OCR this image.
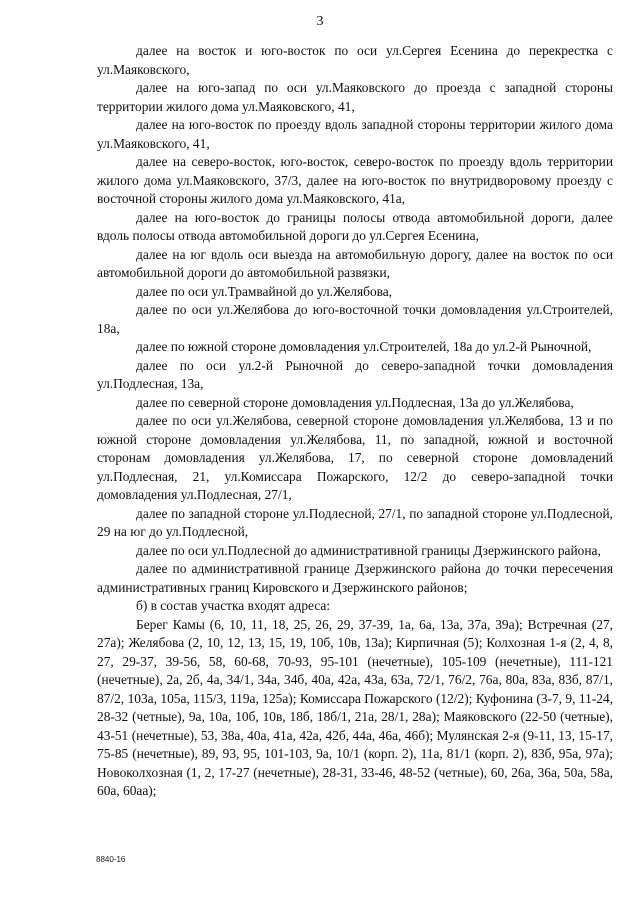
3

далее на восток и юго-восток по оси ул.Сергея Есенина до перекрестка с ул.Маяковского,

далее на юго-запад по оси ул.Маяковского до проезда с западной стороны территории жилого дома ул.Маяковского, 41,

далее на юго-восток по проезду вдоль западной стороны территории жилого дома ул.Маяковского, 41,

далее на северо-восток, юго-восток, северо-восток по проезду вдоль территории жилого дома ул.Маяковского, 37/3, далее на юго-восток по внутридворовому проезду с восточной стороны жилого дома ул.Маяковского, 41а,

далее на юго-восток до границы полосы отвода автомобильной дороги, далее вдоль полосы отвода автомобильной дороги до ул.Сергея Есенина,

далее на юг вдоль оси выезда на автомобильную дорогу, далее на восток по оси автомобильной дороги до автомобильной развязки,

далее по оси ул.Трамвайной до ул.Желябова,

далее по оси ул.Желябова до юго-восточной точки домовладения ул.Строителей, 18а,

далее по южной стороне домовладения ул.Строителей, 18а до ул.2-й Рыночной,

далее по оси ул.2-й Рыночной до северо-западной точки домовладения ул.Подлесная, 13а,

далее по северной стороне домовладения ул.Подлесная, 13а до ул.Желябова,

далее по оси ул.Желябова, северной стороне домовладения ул.Желябова, 13 и по южной стороне домовладения ул.Желябова, 11, по западной, южной и восточной сторонам домовладения ул.Желябова, 17, по северной стороне домовладений ул.Подлесная, 21, ул.Комиссара Пожарского, 12/2 до северо-западной точки домовладения ул.Подлесная, 27/1,

далее по западной стороне ул.Подлесной, 27/1, по западной стороне ул.Подлесной, 29 на юг до ул.Подлесной,

далее по оси ул.Подлесной до административной границы Дзержинского района,

далее по административной границе Дзержинского района до точки пересечения административных границ Кировского и Дзержинского районов;

б) в состав участка входят адреса:

Берег Камы (6, 10, 11, 18, 25, 26, 29, 37-39, 1а, 6а, 13а, 37а, 39а); Встречная (27, 27а); Желябова (2, 10, 12, 13, 15, 19, 10б, 10в, 13а); Кирпичная (5); Колхозная 1-я (2, 4, 8, 27, 29-37, 39-56, 58, 60-68, 70-93, 95-101 (нечетные), 105-109 (нечетные), 111-121 (нечетные), 2а, 2б, 4а, 34/1, 34а, 34б, 40а, 42а, 43а, 63а, 72/1, 76/2, 76а, 80а, 83а, 83б, 87/1, 87/2, 103а, 105а, 115/3, 119а, 125а); Комиссара Пожарского (12/2); Куфонина (3-7, 9, 11-24, 28-32 (четные), 9а, 10а, 10б, 10в, 18б, 18б/1, 21а, 28/1, 28а); Маяковского (22-50 (четные), 43-51 (нечетные), 53, 38а, 40а, 41а, 42а, 42б, 44а, 46а, 46б); Мулянская 2-я (9-11, 13, 15-17, 75-85 (нечетные), 89, 93, 95, 101-103, 9а, 10/1 (корп. 2), 11а, 81/1 (корп. 2), 83б, 95а, 97а); Новоколхозная (1, 2, 17-27 (нечетные), 28-31, 33-46, 48-52 (четные), 60, 26а, 36а, 50а, 58а, 60а, 60аа);

8840-16
